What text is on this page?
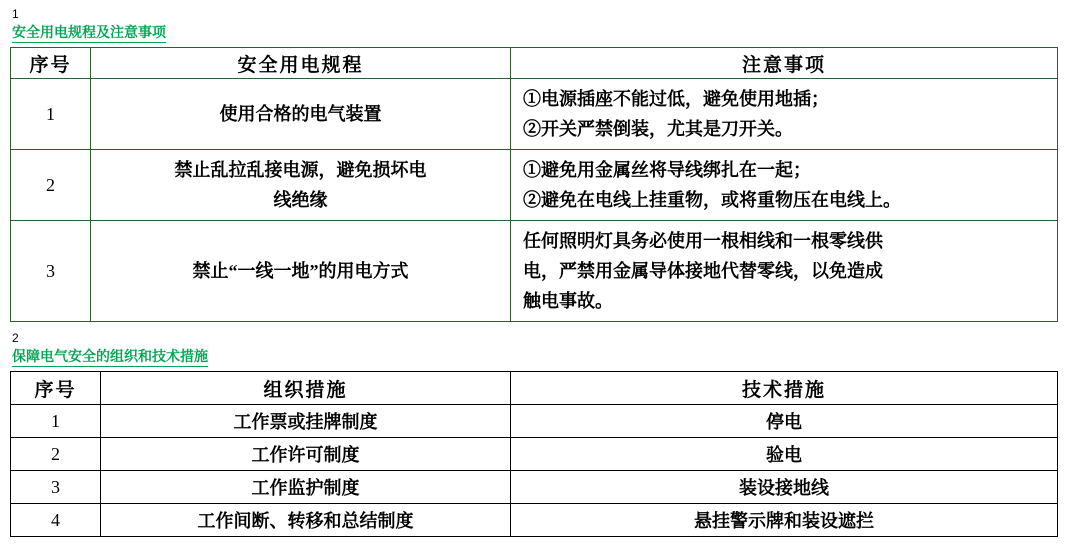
1
安全用电规程及注意事项
序号	安全用电规程	注意事项
1	使用合格的电气装置	①电源插座不能过低，避免使用地插；
②开关严禁倒装，尤其是刀开关。

2	禁止乱拉乱接电源，避免损坏电
线绝缘	①避免用金属丝将导线绑扎在一起；
②避免在电线上挂重物，或将重物压在电线上。

3	禁止“一线一地”的用电方式	任何照明灯具务必使用一根相线和一根零线供
电，严禁用金属导体接地代替零线，以免造成
触电事故。
2
保障电气安全的组织和技术措施
序号	组织措施	技术措施
1	工作票或挂牌制度	停电
2	工作许可制度	验电
3	工作监护制度	装设接地线
4	工作间断、转移和总结制度	悬挂警示牌和装设遮拦
